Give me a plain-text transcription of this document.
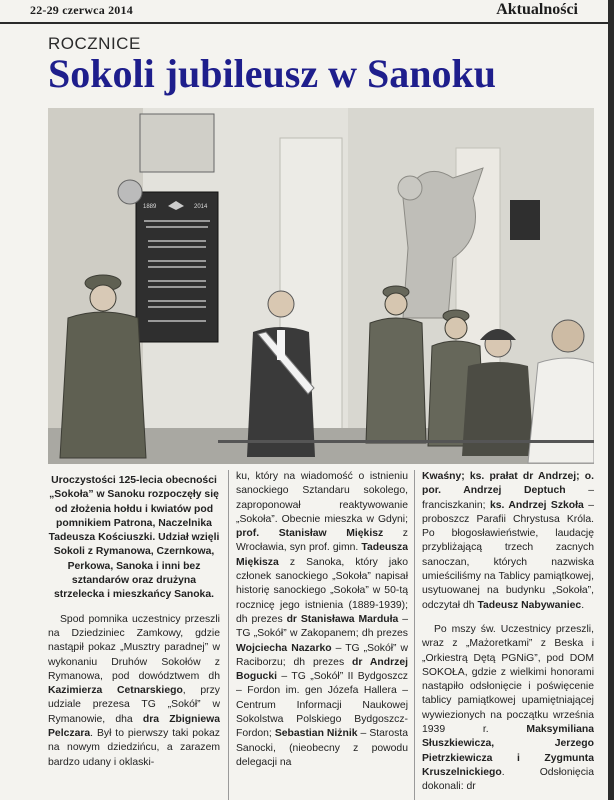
22-29 czerwca 2014	Aktualności
ROCZNICE
Sokoli jubileusz w Sanoku
1889	2014

Uroczystości 125-lecia obecności „Sokoła” w Sanoku rozpoczęły się od złożenia hołdu i kwiatów pod pomnikiem Patrona, Naczelnika Tadeusza Kościuszki. Udział wzięli Sokoli z Rymanowa, Czernkowa, Perkowa, Sanoka i inni bez sztandarów oraz drużyna strzelecka i mieszkańcy Sanoka.

Spod pomnika uczestnicy przeszli na Dziedziniec Zamkowy, gdzie nastąpił pokaz „Musztry paradnej” w wykonaniu Druhów Sokołów z Rymanowa, pod dowództwem dh Kazimierza Cetnarskiego, przy udziale prezesa TG „Sokół” w Rymanowie, dha dra Zbigniewa Pelczara. Był to pierwszy taki pokaz na nowym dziedzińcu, a zarazem bardzo udany i oklaski-

ku, który na wiadomość o istnieniu sanockiego Sztandaru sokolego, zaproponował reaktywowanie „Sokoła”. Obecnie mieszka w Gdyni; prof. Stanisław Miękisz z Wrocławia, syn prof. gimn. Tadeusza Miękisza z Sanoka, który jako członek sanockiego „Sokoła” napisał historię sanockiego „Sokoła” w 50-tą rocznicę jego istnienia (1889-1939); dh prezes dr Stanisława Marduła – TG „Sokół” w Zakopanem; dh prezes Wojciecha Nazarko – TG „Sokół” w Raciborzu; dh prezes dr Andrzej Bogucki – TG „Sokół” II Bydgoszcz – Fordon im. gen Józefa Hallera – Centrum Informacji Naukowej Sokolstwa Polskiego Bydgoszcz-Fordon; Sebastian Niżnik – Starosta Sanocki, (nieobecny z powodu delegacji na

Kwaśny; ks. prałat dr Andrzej; o. por. Andrzej Deptuch – franciszkanin; ks. Andrzej Szkoła – proboszcz Parafii Chrystusa Króla. Po błogosławieństwie, laudację przybliżającą trzech zacnych sanoczan, których nazwiska umieściliśmy na Tablicy pamiątkowej, usytuowanej na budynku „Sokoła”, odczytał dh Tadeusz Nabywaniec.

Po mszy św. Uczestnicy przeszli, wraz z „Mażoretkami” z Beska i „Orkiestrą Dętą PGNiG”, pod DOM SOKOŁA, gdzie z wielkimi honorami nastąpiło odsłonięcie i poświęcenie tablicy pamiątkowej upamiętniającej wywiezionych na początku września 1939 r. Maksymiliana Słuszkiewicza, Jerzego Pietrzkiewicza i Zygmunta Kruszelnickiego. Odsłonięcia dokonali: dr
